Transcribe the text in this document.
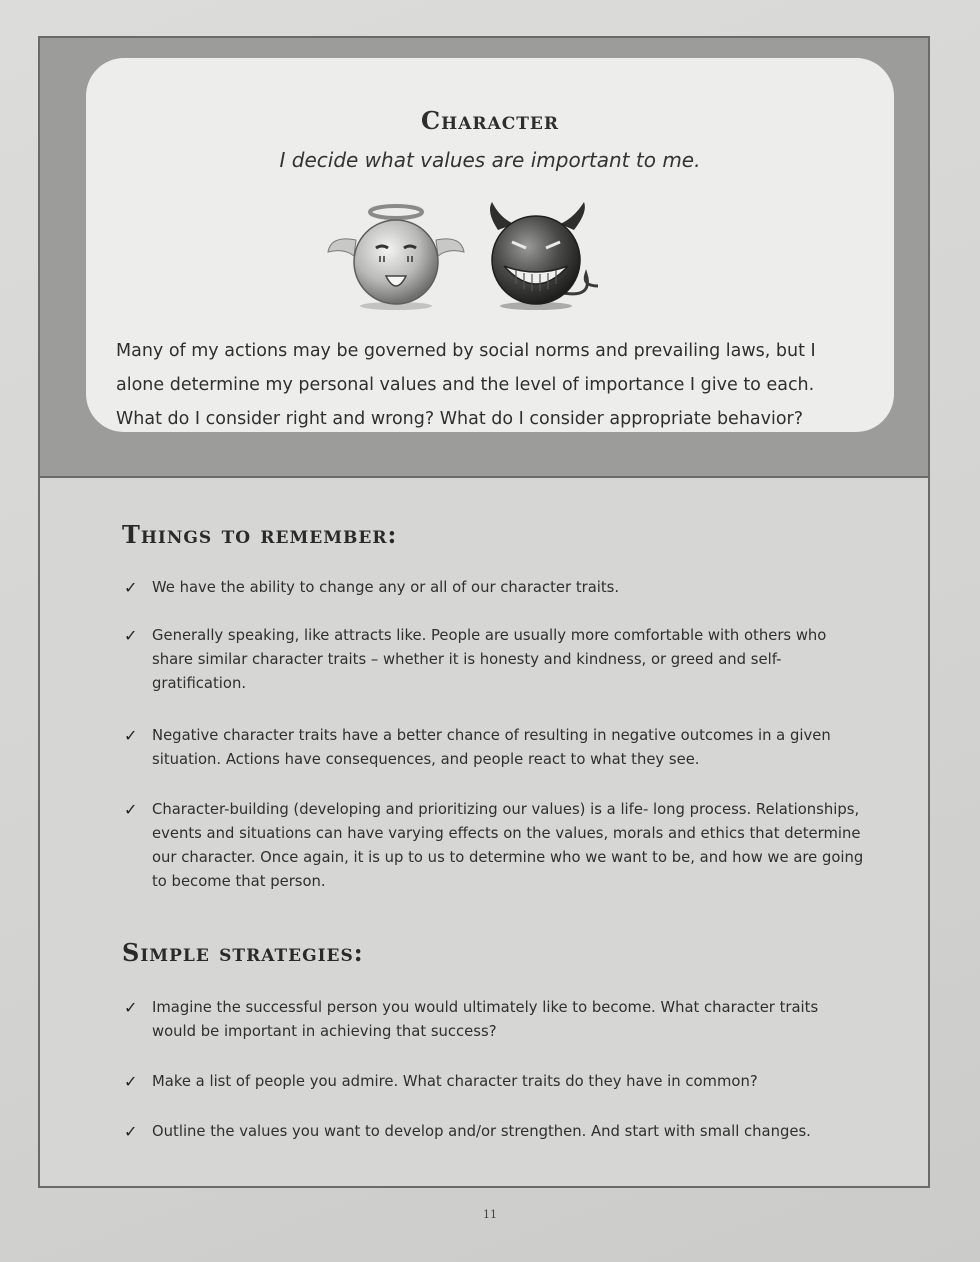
Character
I decide what values are important to me.
Many of my actions may be governed by social norms and prevailing laws, but I
alone determine my personal values and the level of importance I give to each.
What do I consider right and wrong? What do I consider appropriate behavior?
Things to remember:
✓ We have the ability to change any or all of our character traits.
✓ Generally speaking, like attracts like. People are usually more comfortable with others who share similar character traits – whether it is honesty and kindness, or greed and self-gratification.
✓ Negative character traits have a better chance of resulting in negative outcomes in a given situation. Actions have consequences, and people react to what they see.
✓ Character-building (developing and prioritizing our values) is a life- long process. Relationships, events and situations can have varying effects on the values, morals and ethics that determine our character. Once again, it is up to us to determine who we want to be, and how we are going to become that person.
Simple strategies:
✓ Imagine the successful person you would ultimately like to become. What character traits would be important in achieving that success?
✓ Make a list of people you admire. What character traits do they have in common?
✓ Outline the values you want to develop and/or strengthen. And start with small changes.
11
